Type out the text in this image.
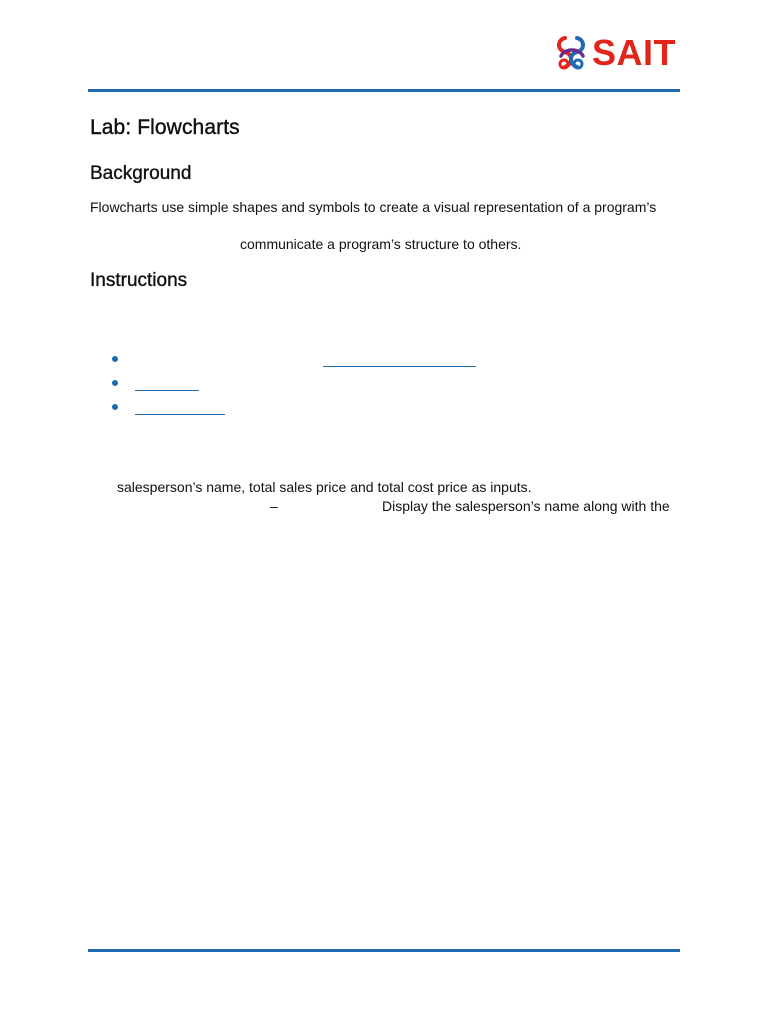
SAIT
Lab: Flowcharts
Background

Flowcharts use simple shapes and symbols to create a visual representation of a program’s

communicate a program’s structure to others.

Instructions

salesperson’s name, total sales price and total cost price as inputs.

–	Display the salesperson’s name along with the
